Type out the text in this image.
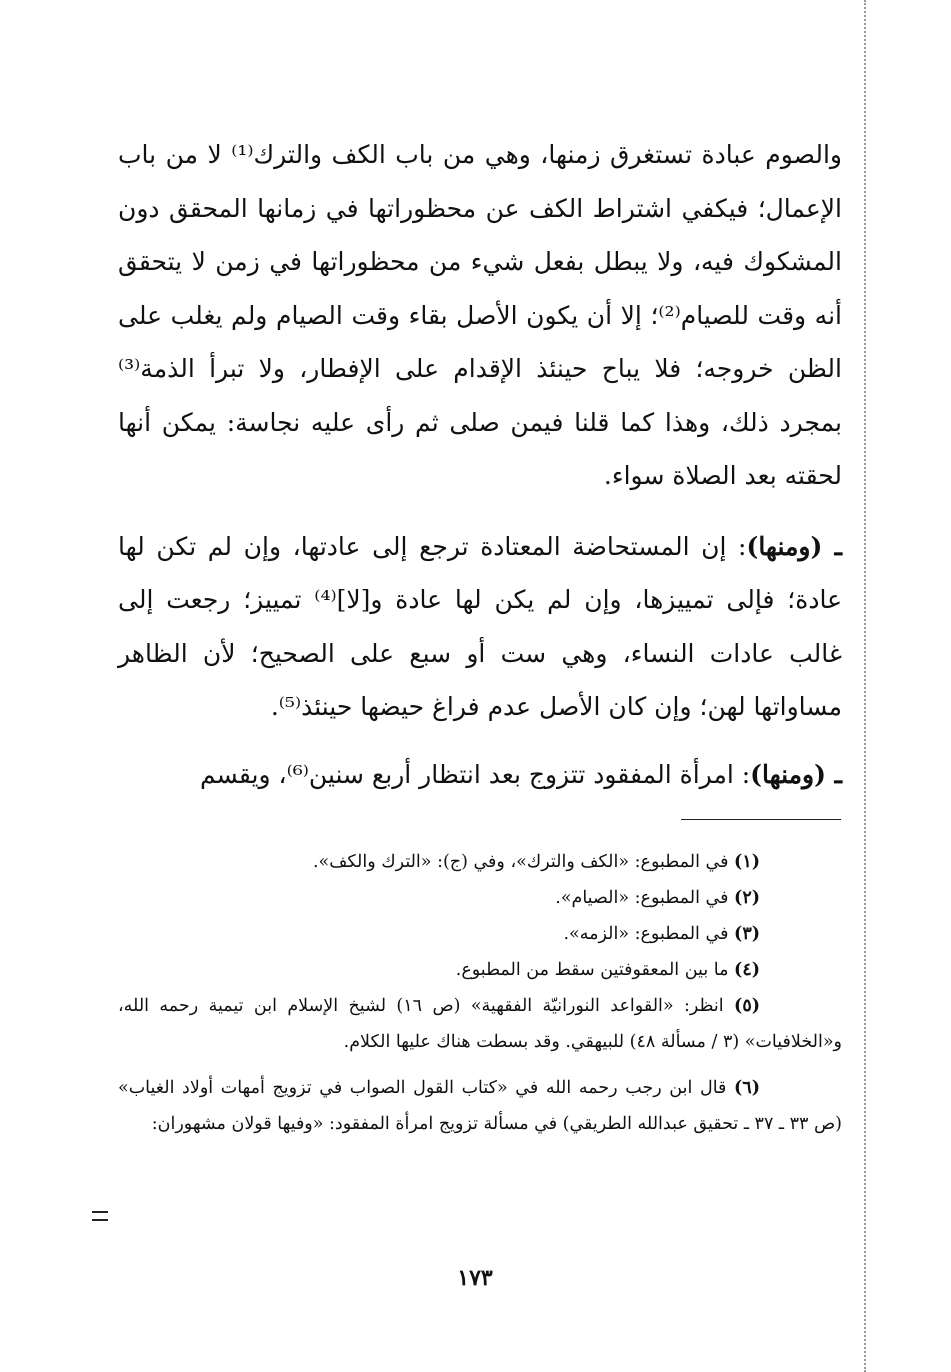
والصوم عبادة تستغرق زمنها، وهي من باب الكف والترك⁽¹⁾ لا من باب الإعمال؛ فيكفي اشتراط الكف عن محظوراتها في زمانها المحقق دون المشكوك فيه، ولا يبطل بفعل شيء من محظوراتها في زمن لا يتحقق أنه وقت للصيام⁽²⁾؛ إلا أن يكون الأصل بقاء وقت الصيام ولم يغلب على الظن خروجه؛ فلا يباح حينئذ الإقدام على الإفطار، ولا تبرأ الذمة⁽³⁾ بمجرد ذلك، وهذا كما قلنا فيمن صلى ثم رأى عليه نجاسة: يمكن أنها لحقته بعد الصلاة سواء.

ـ (ومنها): إن المستحاضة المعتادة ترجع إلى عادتها، وإن لم تكن لها عادة؛ فإلى تمييزها، وإن لم يكن لها عادة و[لا]⁽⁴⁾ تمييز؛ رجعت إلى غالب عادات النساء، وهي ست أو سبع على الصحيح؛ لأن الظاهر مساواتها لهن؛ وإن كان الأصل عدم فراغ حيضها حينئذ⁽⁵⁾.

ـ (ومنها): امرأة المفقود تتزوج بعد انتظار أربع سنين⁽⁶⁾، ويقسم

(١) في المطبوع: «الكف والترك»، وفي (ج): «الترك والكف».

(٢) في المطبوع: «الصيام».

(٣) في المطبوع: «الزمه».

(٤) ما بين المعقوفتين سقط من المطبوع.

(٥) انظر: «القواعد النورانيّة الفقهية» (ص ١٦) لشيخ الإسلام ابن تيمية رحمه الله، و«الخلافيات» (٣ / مسألة ٤٨) للبيهقي. وقد بسطت هناك عليها الكلام.

(٦) قال ابن رجب رحمه الله في «كتاب القول الصواب في تزويج أمهات أولاد الغياب» (ص ٣٣ ـ ٣٧ ـ تحقيق عبدالله الطريقي) في مسألة تزويج امرأة المفقود: «وفيها قولان مشهوران:

١٧٣
